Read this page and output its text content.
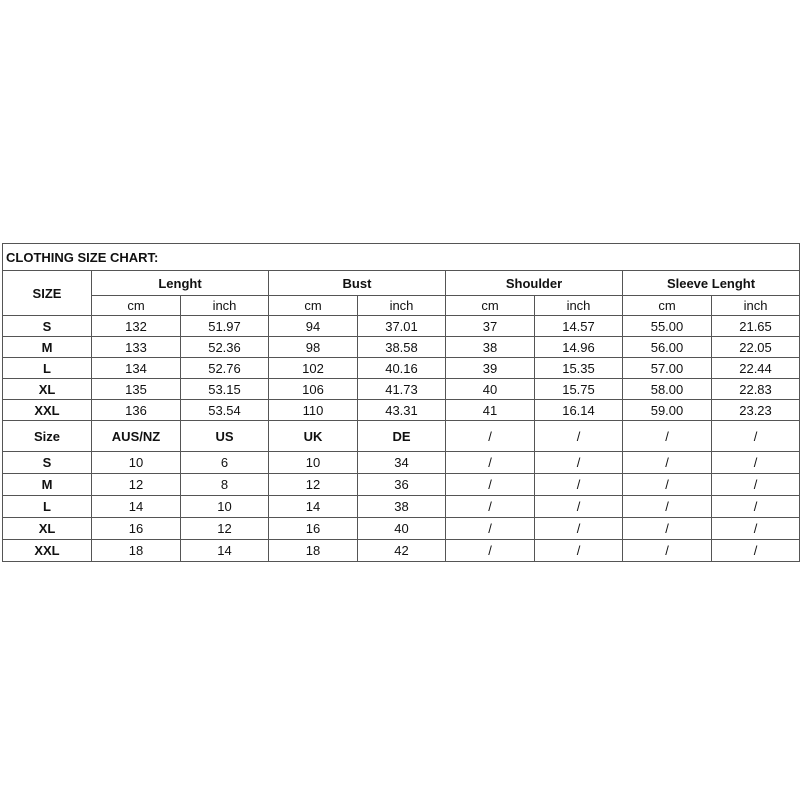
CLOTHING SIZE CHART:								
SIZE	Lenght		Bust		Shoulder		Sleeve Lenght	
	cm	inch	cm	inch	cm	inch	cm	inch
S	132	51.97	94	37.01	37	14.57	55.00	21.65
M	133	52.36	98	38.58	38	14.96	56.00	22.05
L	134	52.76	102	40.16	39	15.35	57.00	22.44
XL	135	53.15	106	41.73	40	15.75	58.00	22.83
XXL	136	53.54	110	43.31	41	16.14	59.00	23.23
Size	AUS/NZ	US	UK	DE	/	/	/	/
S	10	6	10	34	/	/	/	/
M	12	8	12	36	/	/	/	/
L	14	10	14	38	/	/	/	/
XL	16	12	16	40	/	/	/	/
XXL	18	14	18	42	/	/	/	/
